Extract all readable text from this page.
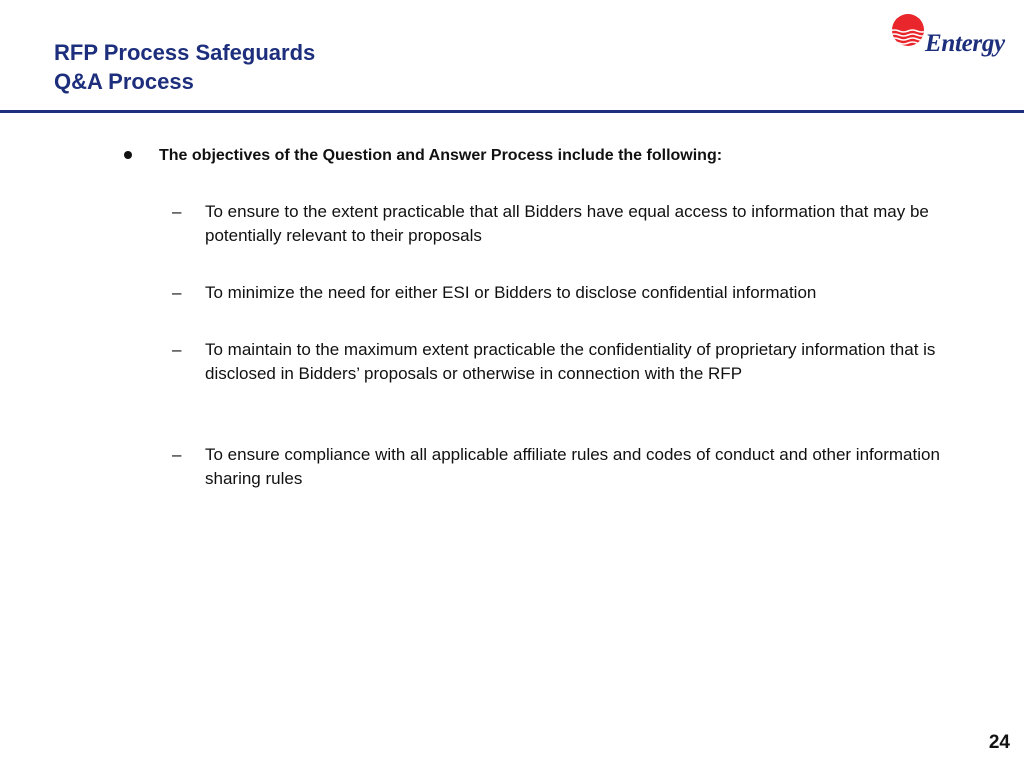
RFP Process Safeguards
Q&A Process
Entergy
The objectives of the Question and Answer Process include the following:
– To ensure to the extent practicable that all Bidders have equal access to information that may be potentially relevant to their proposals
– To minimize the need for either ESI or Bidders to disclose confidential information
– To maintain to the maximum extent practicable the confidentiality of proprietary information that is disclosed in Bidders’ proposals or otherwise in connection with the RFP
– To ensure compliance with all applicable affiliate rules and codes of conduct and other information sharing rules
24
